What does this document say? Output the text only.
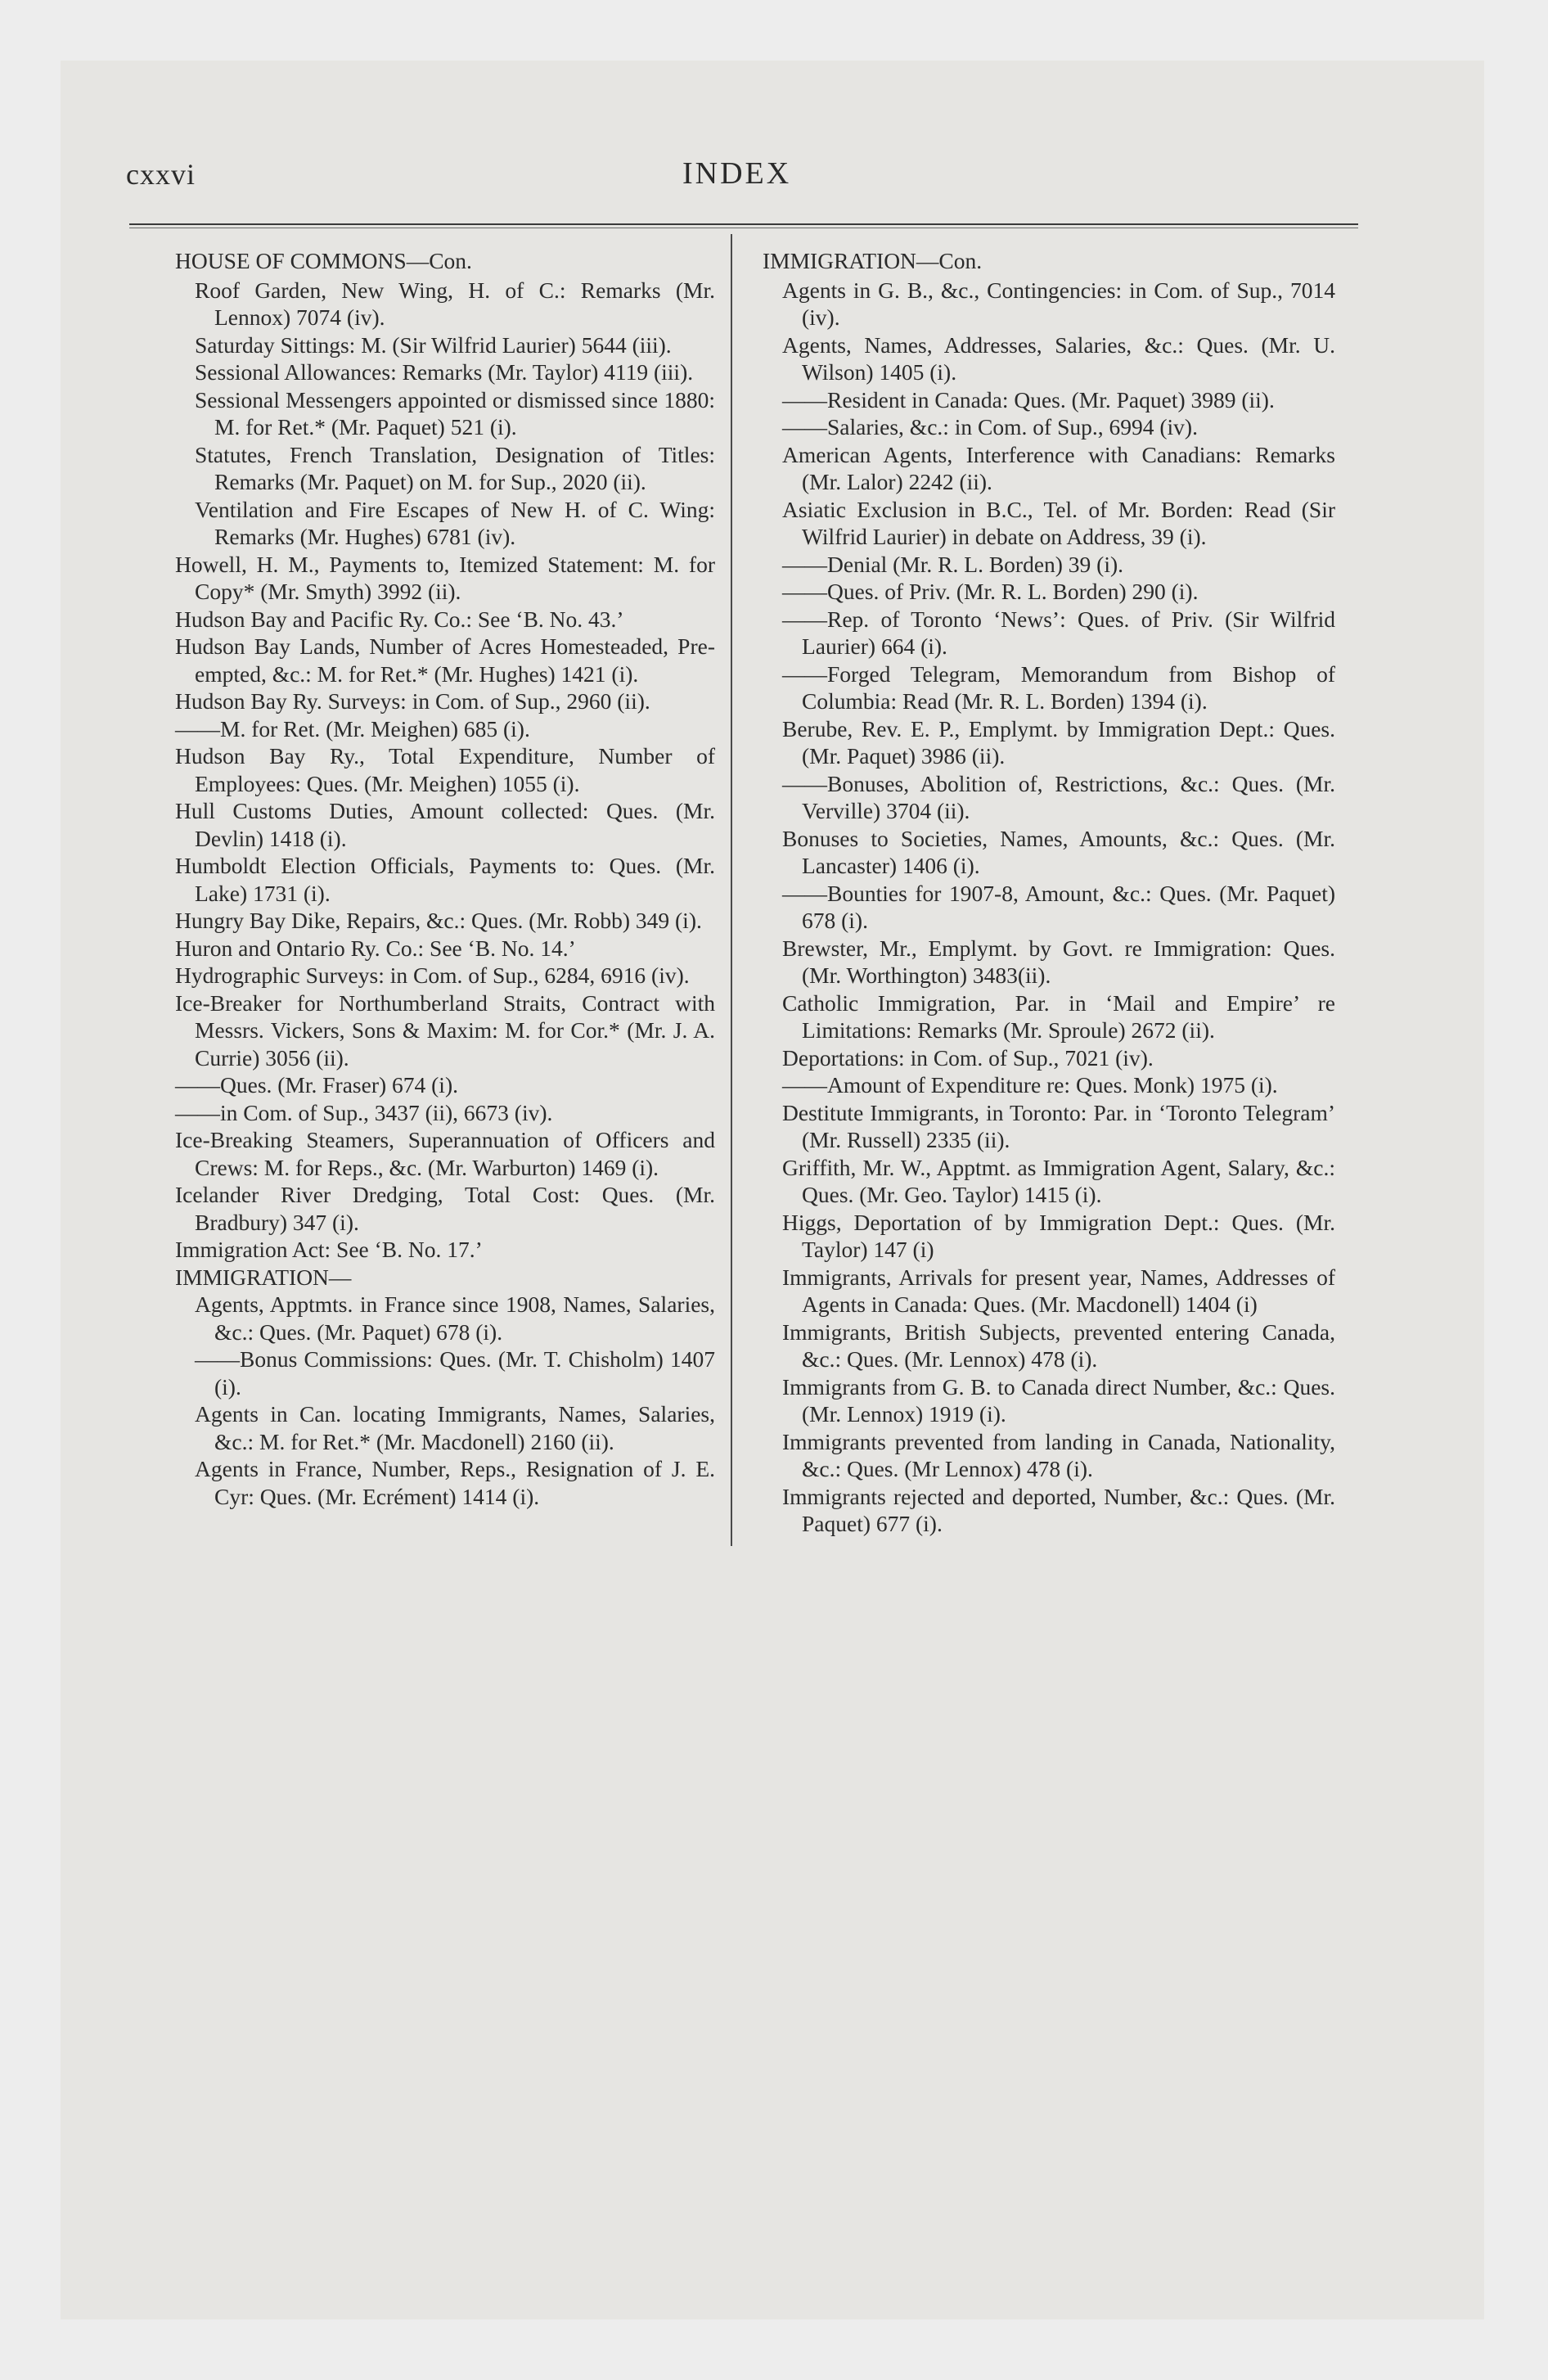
cxxvi	INDEX
HOUSE OF COMMONS—Con.
Roof Garden, New Wing, H. of C.: Remarks (Mr. Lennox) 7074 (iv).
Saturday Sittings: M. (Sir Wilfrid Laurier) 5644 (iii).
Sessional Allowances: Remarks (Mr. Taylor) 4119 (iii).
Sessional Messengers appointed or dismissed since 1880: M. for Ret.* (Mr. Paquet) 521 (i).
Statutes, French Translation, Designation of Titles: Remarks (Mr. Paquet) on M. for Sup., 2020 (ii).
Ventilation and Fire Escapes of New H. of C. Wing: Remarks (Mr. Hughes) 6781 (iv).
Howell, H. M., Payments to, Itemized Statement: M. for Copy* (Mr. Smyth) 3992 (ii).
Hudson Bay and Pacific Ry. Co.: See ‘B. No. 43.’
Hudson Bay Lands, Number of Acres Homesteaded, Pre-empted, &c.: M. for Ret.* (Mr. Hughes) 1421 (i).
Hudson Bay Ry. Surveys: in Com. of Sup., 2960 (ii).
——M. for Ret. (Mr. Meighen) 685 (i).
Hudson Bay Ry., Total Expenditure, Number of Employees: Ques. (Mr. Meighen) 1055 (i).
Hull Customs Duties, Amount collected: Ques. (Mr. Devlin) 1418 (i).
Humboldt Election Officials, Payments to: Ques. (Mr. Lake) 1731 (i).
Hungry Bay Dike, Repairs, &c.: Ques. (Mr. Robb) 349 (i).
Huron and Ontario Ry. Co.: See ‘B. No. 14.’
Hydrographic Surveys: in Com. of Sup., 6284, 6916 (iv).
Ice-Breaker for Northumberland Straits, Contract with Messrs. Vickers, Sons & Maxim: M. for Cor.* (Mr. J. A. Currie) 3056 (ii).
——Ques. (Mr. Fraser) 674 (i).
——in Com. of Sup., 3437 (ii), 6673 (iv).
Ice-Breaking Steamers, Superannuation of Officers and Crews: M. for Reps., &c. (Mr. Warburton) 1469 (i).
Icelander River Dredging, Total Cost: Ques. (Mr. Bradbury) 347 (i).
Immigration Act: See ‘B. No. 17.’
IMMIGRATION—
Agents, Apptmts. in France since 1908, Names, Salaries, &c.: Ques. (Mr. Paquet) 678 (i).
——Bonus Commissions: Ques. (Mr. T. Chisholm) 1407 (i).
Agents in Can. locating Immigrants, Names, Salaries, &c.: M. for Ret.* (Mr. Macdonell) 2160 (ii).
Agents in France, Number, Reps., Resignation of J. E. Cyr: Ques. (Mr. Ecrément) 1414 (i).
IMMIGRATION—Con.
Agents in G. B., &c., Contingencies: in Com. of Sup., 7014 (iv).
Agents, Names, Addresses, Salaries, &c.: Ques. (Mr. U. Wilson) 1405 (i).
——Resident in Canada: Ques. (Mr. Paquet) 3989 (ii).
——Salaries, &c.: in Com. of Sup., 6994 (iv).
American Agents, Interference with Canadians: Remarks (Mr. Lalor) 2242 (ii).
Asiatic Exclusion in B.C., Tel. of Mr. Borden: Read (Sir Wilfrid Laurier) in debate on Address, 39 (i).
——Denial (Mr. R. L. Borden) 39 (i).
——Ques. of Priv. (Mr. R. L. Borden) 290 (i).
——Rep. of Toronto ‘News’: Ques. of Priv. (Sir Wilfrid Laurier) 664 (i).
——Forged Telegram, Memorandum from Bishop of Columbia: Read (Mr. R. L. Borden) 1394 (i).
Berube, Rev. E. P., Emplymt. by Immigration Dept.: Ques. (Mr. Paquet) 3986 (ii).
——Bonuses, Abolition of, Restrictions, &c.: Ques. (Mr. Verville) 3704 (ii).
Bonuses to Societies, Names, Amounts, &c.: Ques. (Mr. Lancaster) 1406 (i).
——Bounties for 1907-8, Amount, &c.: Ques. (Mr. Paquet) 678 (i).
Brewster, Mr., Emplymt. by Govt. re Immigration: Ques. (Mr. Worthington) 3483(ii).
Catholic Immigration, Par. in ‘Mail and Empire’ re Limitations: Remarks (Mr. Sproule) 2672 (ii).
Deportations: in Com. of Sup., 7021 (iv).
——Amount of Expenditure re: Ques. Monk) 1975 (i).
Destitute Immigrants, in Toronto: Par. in ‘Toronto Telegram’ (Mr. Russell) 2335 (ii).
Griffith, Mr. W., Apptmt. as Immigration Agent, Salary, &c.: Ques. (Mr. Geo. Taylor) 1415 (i).
Higgs, Deportation of by Immigration Dept.: Ques. (Mr. Taylor) 147 (i)
Immigrants, Arrivals for present year, Names, Addresses of Agents in Canada: Ques. (Mr. Macdonell) 1404 (i)
Immigrants, British Subjects, prevented entering Canada, &c.: Ques. (Mr. Lennox) 478 (i).
Immigrants from G. B. to Canada direct Number, &c.: Ques. (Mr. Lennox) 1919 (i).
Immigrants prevented from landing in Canada, Nationality, &c.: Ques. (Mr Lennox) 478 (i).
Immigrants rejected and deported, Number, &c.: Ques. (Mr. Paquet) 677 (i).
